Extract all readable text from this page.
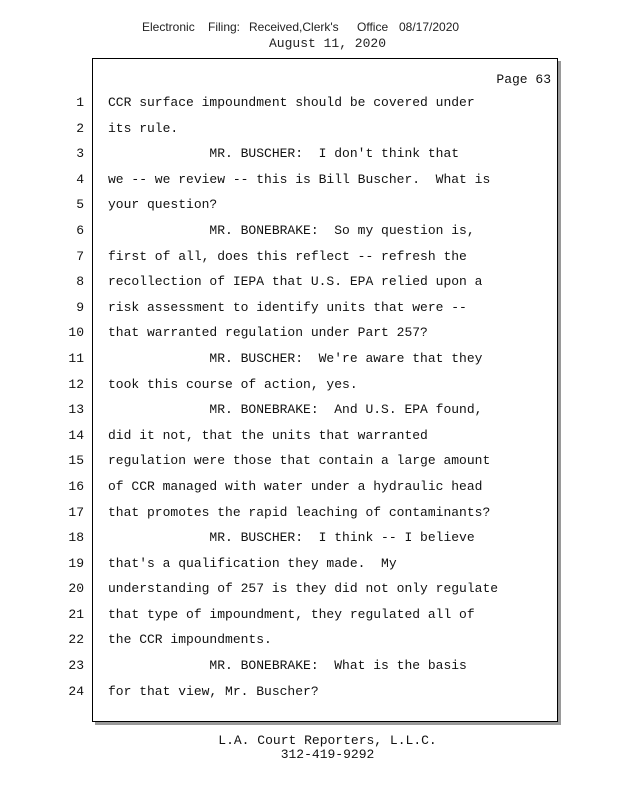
Electronic Filing: Received,Clerk's Office 08/17/2020
August 11, 2020
Page 63
1 CCR surface impoundment should be covered under
2 its rule.
3 MR. BUSCHER:  I don't think that
4 we -- we review -- this is Bill Buscher.  What is
5 your question?
6 MR. BONEBRAKE:  So my question is,
7 first of all, does this reflect -- refresh the
8 recollection of IEPA that U.S. EPA relied upon a
9 risk assessment to identify units that were --
10 that warranted regulation under Part 257?
11 MR. BUSCHER:  We're aware that they
12 took this course of action, yes.
13 MR. BONEBRAKE:  And U.S. EPA found,
14 did it not, that the units that warranted
15 regulation were those that contain a large amount
16 of CCR managed with water under a hydraulic head
17 that promotes the rapid leaching of contaminants?
18 MR. BUSCHER:  I think -- I believe
19 that's a qualification they made.  My
20 understanding of 257 is they did not only regulate
21 that type of impoundment, they regulated all of
22 the CCR impoundments.
23 MR. BONEBRAKE:  What is the basis
24 for that view, Mr. Buscher?
L.A. Court Reporters, L.L.C.
312-419-9292
